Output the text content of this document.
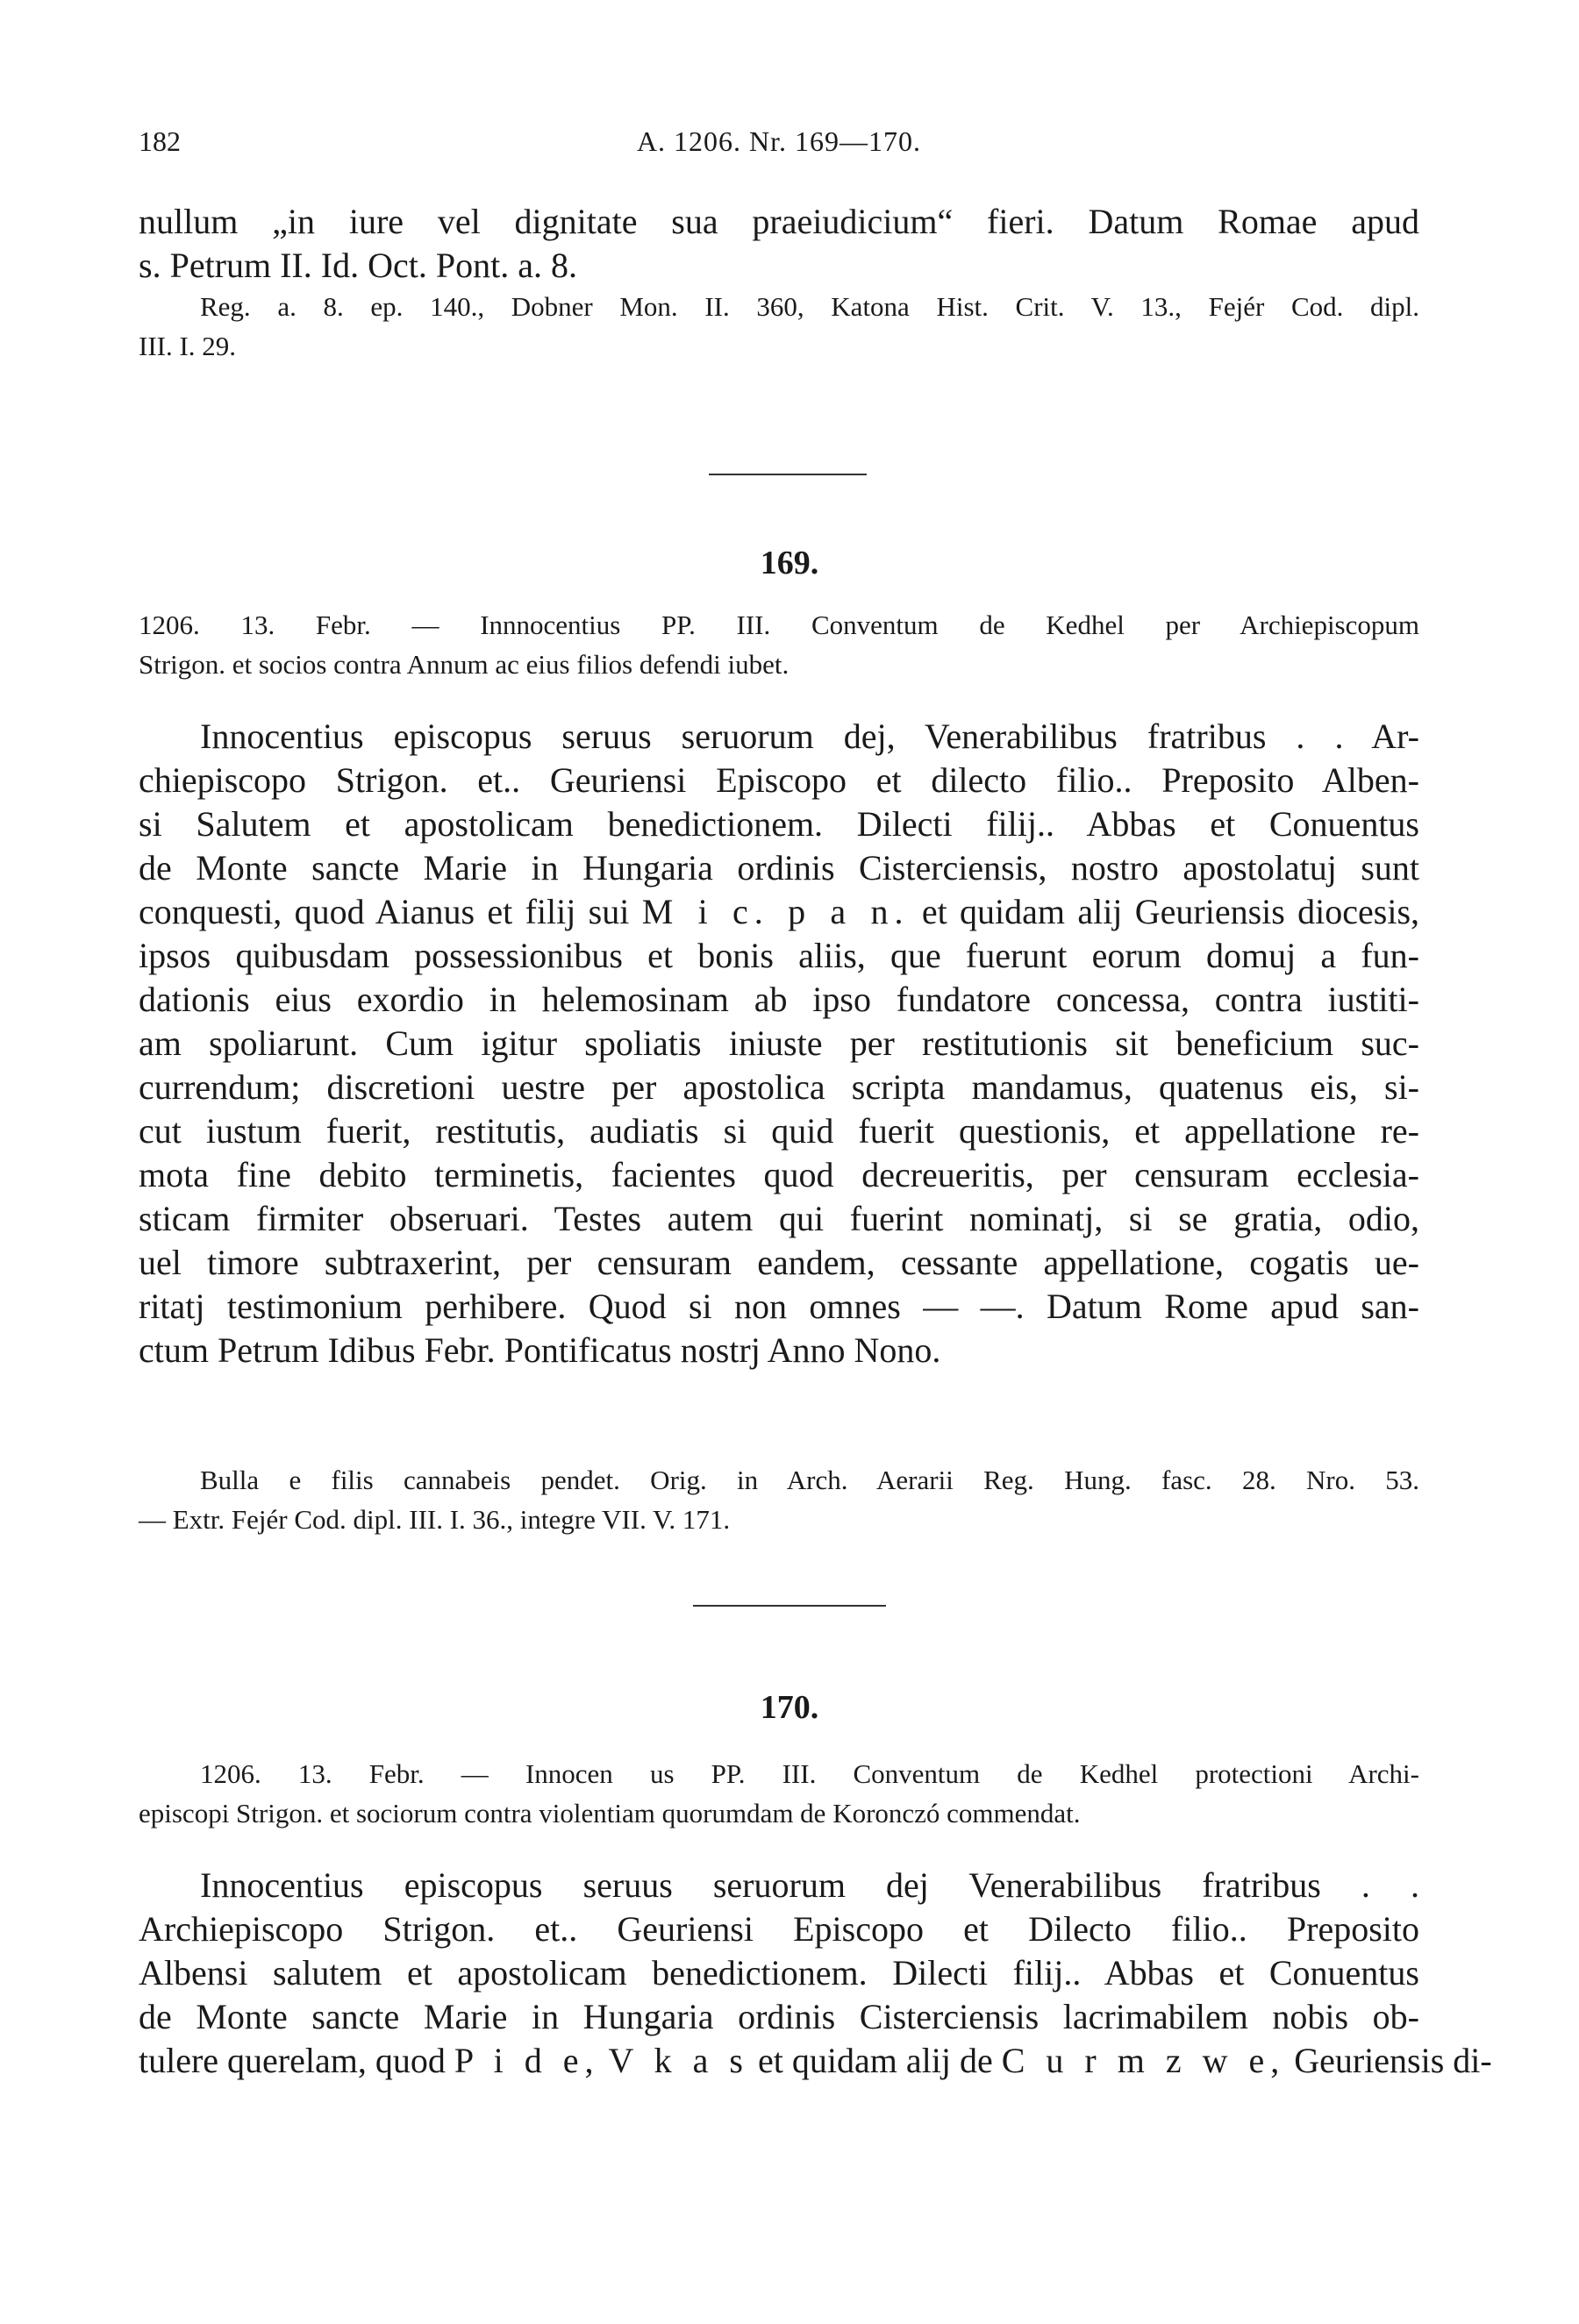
182	A. 1206. Nr. 169—170.
nullum „in iure vel dignitate sua praeiudicium“ fieri. Datum Romae apud
s. Petrum II. Id. Oct. Pont. a. 8.
Reg. a. 8. ep. 140., Dobner Mon. II. 360, Katona Hist. Crit. V. 13., Fejér Cod. dipl.
III. I. 29.
169.
1206. 13. Febr. — Innnocentius PP. III. Conventum de Kedhel per Archiepiscopum
Strigon. et socios contra Annum ac eius filios defendi iubet.
Innocentius episcopus seruus seruorum dej, Venerabilibus fratribus . . Ar-
chiepiscopo Strigon. et.. Geuriensi Episcopo et dilecto filio.. Preposito Alben-
si Salutem et apostolicam benedictionem. Dilecti filij.. Abbas et Conuentus
de Monte sancte Marie in Hungaria ordinis Cisterciensis, nostro apostolatuj sunt
conquesti, quod Aianus et filij sui M i c. p a n. et quidam alij Geuriensis diocesis,
ipsos quibusdam possessionibus et bonis aliis, que fuerunt eorum domuj a fun-
dationis eius exordio in helemosinam ab ipso fundatore concessa, contra iustiti-
am spoliarunt. Cum igitur spoliatis iniuste per restitutionis sit beneficium suc-
currendum; discretioni uestre per apostolica scripta mandamus, quatenus eis, si-
cut iustum fuerit, restitutis, audiatis si quid fuerit questionis, et appellatione re-
mota fine debito terminetis, facientes quod decreueritis, per censuram ecclesia-
sticam firmiter obseruari. Testes autem qui fuerint nominatj, si se gratia, odio,
uel timore subtraxerint, per censuram eandem, cessante appellatione, cogatis ue-
ritatj testimonium perhibere. Quod si non omnes — —. Datum Rome apud san-
ctum Petrum Idibus Febr. Pontificatus nostrj Anno Nono.
Bulla e filis cannabeis pendet. Orig. in Arch. Aerarii Reg. Hung. fasc. 28. Nro. 53.
— Extr. Fejér Cod. dipl. III. I. 36., integre VII. V. 171.
170.
1206. 13. Febr. — Innocen us PP. III. Conventum de Kedhel protectioni Archi-
episcopi Strigon. et sociorum contra violentiam quorumdam de Koronczó commendat.
Innocentius episcopus seruus seruorum dej Venerabilibus fratribus . .
Archiepiscopo Strigon. et.. Geuriensi Episcopo et Dilecto filio.. Preposito
Albensi salutem et apostolicam benedictionem. Dilecti filij.. Abbas et Conuentus
de Monte sancte Marie in Hungaria ordinis Cisterciensis lacrimabilem nobis ob-
tulere querelam, quod P i d e, V k a s et quidam alij de C u r m z w e, Geuriensis di-
